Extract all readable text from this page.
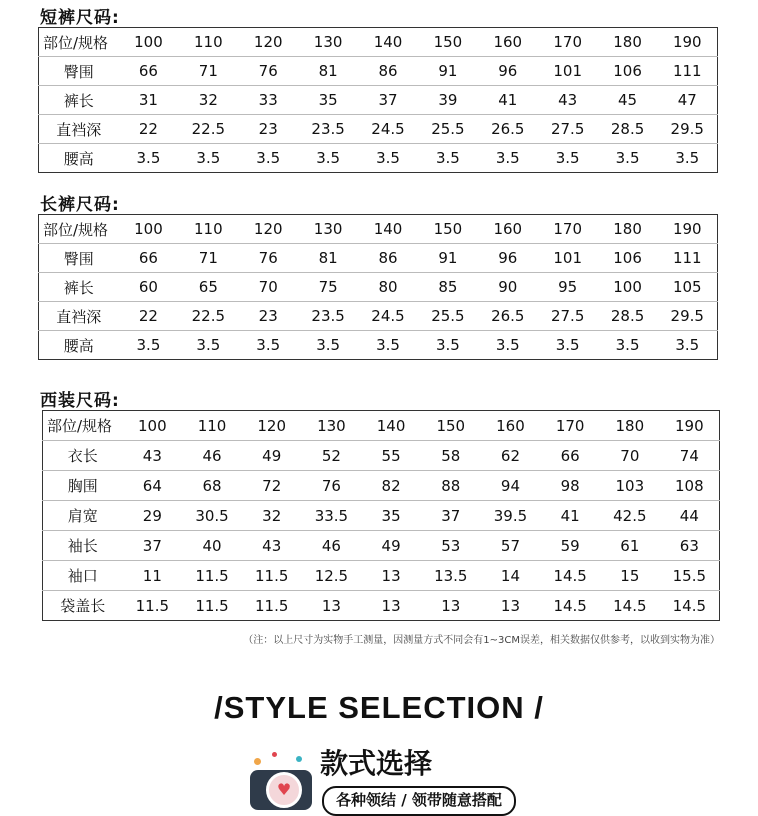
短裤尺码:
部位/规格	100	110	120	130	140	150	160	170	180	190
臀围	66	71	76	81	86	91	96	101	106	111
裤长	31	32	33	35	37	39	41	43	45	47
直裆深	22	22.5	23	23.5	24.5	25.5	26.5	27.5	28.5	29.5
腰高	3.5	3.5	3.5	3.5	3.5	3.5	3.5	3.5	3.5	3.5
长裤尺码:
部位/规格	100	110	120	130	140	150	160	170	180	190
臀围	66	71	76	81	86	91	96	101	106	111
裤长	60	65	70	75	80	85	90	95	100	105
直裆深	22	22.5	23	23.5	24.5	25.5	26.5	27.5	28.5	29.5
腰高	3.5	3.5	3.5	3.5	3.5	3.5	3.5	3.5	3.5	3.5
西装尺码:
部位/规格	100	110	120	130	140	150	160	170	180	190
衣长	43	46	49	52	55	58	62	66	70	74
胸围	64	68	72	76	82	88	94	98	103	108
肩宽	29	30.5	32	33.5	35	37	39.5	41	42.5	44
袖长	37	40	43	46	49	53	57	59	61	63
袖口	11	11.5	11.5	12.5	13	13.5	14	14.5	15	15.5
袋盖长	11.5	11.5	11.5	13	13	13	13	14.5	14.5	14.5
（注：以上尺寸为实物手工测量，因测量方式不同会有1~3CM误差，相关数据仅供参考，以收到实物为准）
/STYLE SELECTION /
♥
款式选择
各种领结 / 领带随意搭配
